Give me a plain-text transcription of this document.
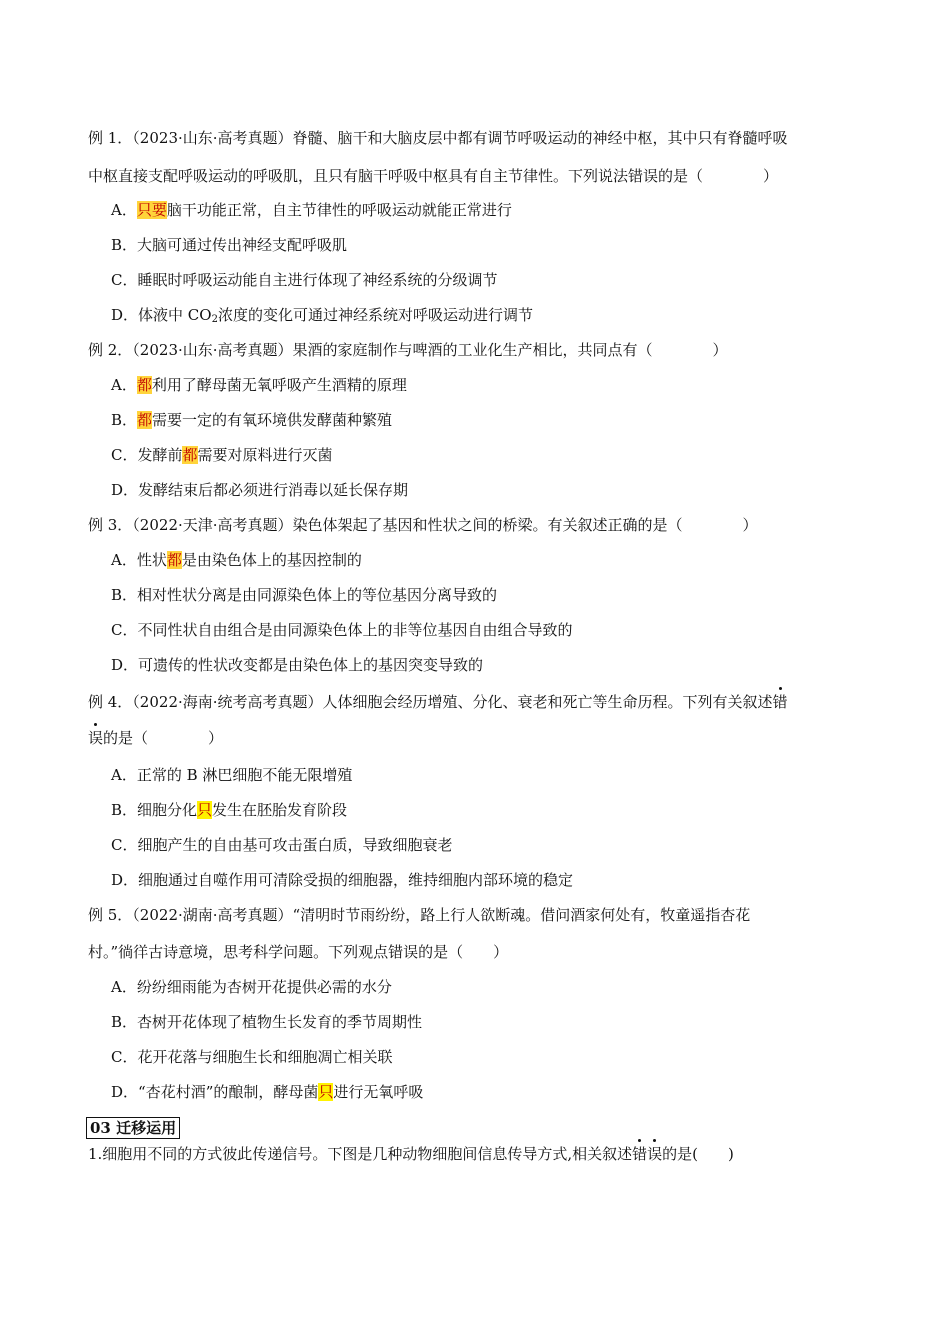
例 1．（2023·山东·高考真题）脊髓、脑干和大脑皮层中都有调节呼吸运动的神经中枢，其中只有脊髓呼吸
中枢直接支配呼吸运动的呼吸肌，且只有脑干呼吸中枢具有自主节律性。下列说法错误的是（　　　　）
A．只要脑干功能正常，自主节律性的呼吸运动就能正常进行
B．大脑可通过传出神经支配呼吸肌
C．睡眠时呼吸运动能自主进行体现了神经系统的分级调节
D．体液中 $CO_2$浓度的变化可通过神经系统对呼吸运动进行调节
例 2．（2023·山东·高考真题）果酒的家庭制作与啤酒的工业化生产相比，共同点有（　　　　）
A．都利用了酵母菌无氧呼吸产生酒精的原理
B．都需要一定的有氧环境供发酵菌种繁殖
C．发酵前都需要对原料进行灭菌
D．发酵结束后都必须进行消毒以延长保存期
例 3．（2022·天津·高考真题）染色体架起了基因和性状之间的桥梁。有关叙述正确的是（　　　　）
A．性状都是由染色体上的基因控制的
B．相对性状分离是由同源染色体上的等位基因分离导致的
C．不同性状自由组合是由同源染色体上的非等位基因自由组合导致的
D．可遗传的性状改变都是由染色体上的基因突变导致的
例 4．（2022·海南·统考高考真题）人体细胞会经历增殖、分化、衰老和死亡等生命历程。下列有关叙述错
误的是（　　　　）
A．正常的 B 淋巴细胞不能无限增殖
B．细胞分化只发生在胚胎发育阶段
C．细胞产生的自由基可攻击蛋白质，导致细胞衰老
D．细胞通过自噬作用可清除受损的细胞器，维持细胞内部环境的稳定
例 5．（2022·湖南·高考真题）“清明时节雨纷纷，路上行人欲断魂。借问酒家何处有，牧童遥指杏花
村。”徜徉古诗意境，思考科学问题。下列观点错误的是（　　）
A．纷纷细雨能为杏树开花提供必需的水分
B．杏树开花体现了植物生长发育的季节周期性
C．花开花落与细胞生长和细胞凋亡相关联
D．“杏花村酒”的酿制，酵母菌只进行无氧呼吸
03 迁移运用
1.细胞用不同的方式彼此传递信号。下图是几种动物细胞间信息传导方式,相关叙述错误的是(　　)
